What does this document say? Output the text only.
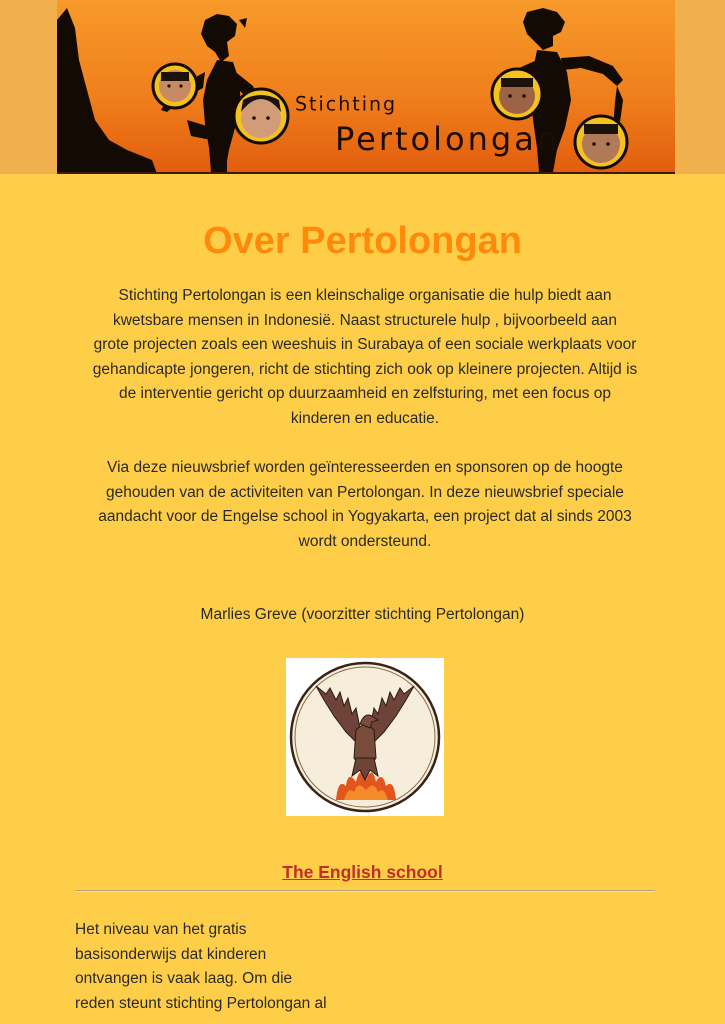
Stichting
Pertolongan
Over Pertolongan
Stichting Pertolongan is een kleinschalige organisatie die hulp biedt aan
kwetsbare mensen in Indonesië. Naast structurele hulp , bijvoorbeeld aan
grote projecten zoals een weeshuis in Surabaya of een sociale werkplaats voor
gehandicapte jongeren, richt de stichting zich ook op kleinere projecten. Altijd is
de interventie gericht op duurzaamheid en zelfsturing, met een focus op
kinderen en educatie.
Via deze nieuwsbrief worden geïnteresseerden en sponsoren op de hoogte
gehouden van de activiteiten van Pertolongan. In deze nieuwsbrief speciale
aandacht voor de Engelse school in Yogyakarta, een project dat al sinds 2003
wordt ondersteund.
Marlies Greve (voorzitter stichting Pertolongan)
The English school
Het niveau van het gratis
basisonderwijs dat kinderen
ontvangen is vaak laag. Om die
reden steunt stichting Pertolongan al
